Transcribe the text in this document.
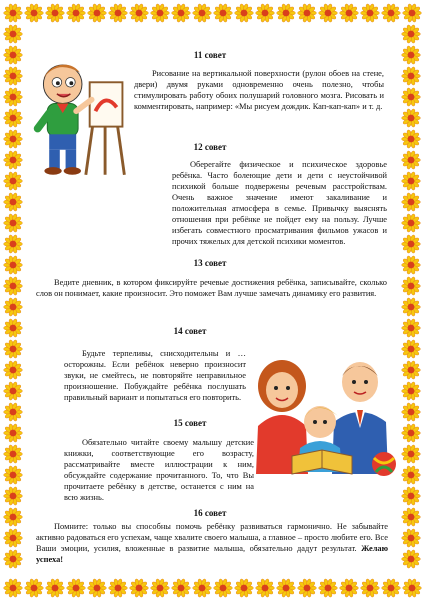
11 совет
Рисование на вертикальной поверхности (рулон обоев на стене, двери) двумя руками одновременно очень полезно, чтобы стимулировать работу обоих полушарий головного мозга. Рисовать и комментировать, например: «Мы рисуем дождик. Кап-кап-кап» и т. д.
12 совет
Оберегайте физическое и психическое здоровье ребёнка. Часто болеющие дети и дети с неустойчивой психикой больше подвержены речевым расстройствам. Очень важное значение имеют закаливание и положительная атмосфера в семье. Привычку выяснять отношения при ребёнке не пойдет ему на пользу. Лучше избегать совместного просматривания фильмов ужасов и прочих тяжелых для детской психики моментов.
13 совет
Ведите дневник, в котором фиксируйте речевые достижения ребёнка, записывайте, сколько слов он понимает, какие произносит. Это поможет Вам лучше замечать динамику его развития.
14 совет
Будьте терпеливы, снисходительны и … осторожны. Если ребёнок неверно произносит звуки, не смейтесь, не повторяйте неправильное произношение. Побуждайте ребёнка послушать правильный вариант и попытаться его повторить.
15 совет
Обязательно читайте своему малышу детские книжки, соответствующие его возрасту, рассматривайте вместе иллюстрации к ним, обсуждайте содержание прочитанного. То, что Вы прочитаете ребёнку в детстве, останется с ним на всю жизнь.
16 совет
Помните: только вы способны помочь ребёнку развиваться гармонично. Не забывайте активно радоваться его успехам, чаще хвалите своего малыша, а главное – просто любите его. Все Ваши эмоции, усилия, вложенные в развитие малыша, обязательно дадут результат. Желаю успеха!
